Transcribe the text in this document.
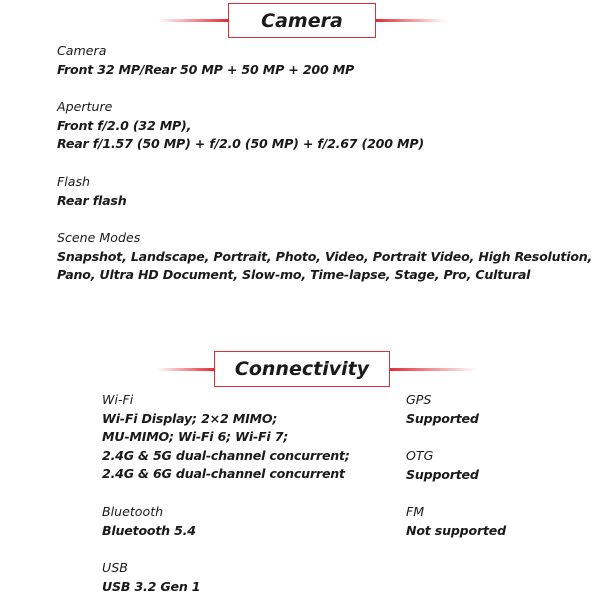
Camera
Camera
Front 32 MP/Rear 50 MP + 50 MP + 200 MP
Aperture
Front f/2.0 (32 MP),
Rear f/1.57 (50 MP) + f/2.0 (50 MP) + f/2.67 (200 MP)
Flash
Rear flash
Scene Modes
Snapshot, Landscape, Portrait, Photo, Video, Portrait Video, High Resolution,
Pano, Ultra HD Document, Slow-mo, Time-lapse, Stage, Pro, Cultural
Connectivity
Wi-Fi
Wi-Fi Display; 2×2 MIMO;
MU-MIMO; Wi-Fi 6; Wi-Fi 7;
2.4G & 5G dual-channel concurrent;
2.4G & 6G dual-channel concurrent
Bluetooth
Bluetooth 5.4
USB
USB 3.2 Gen 1
GPS
Supported
OTG
Supported
FM
Not supported
